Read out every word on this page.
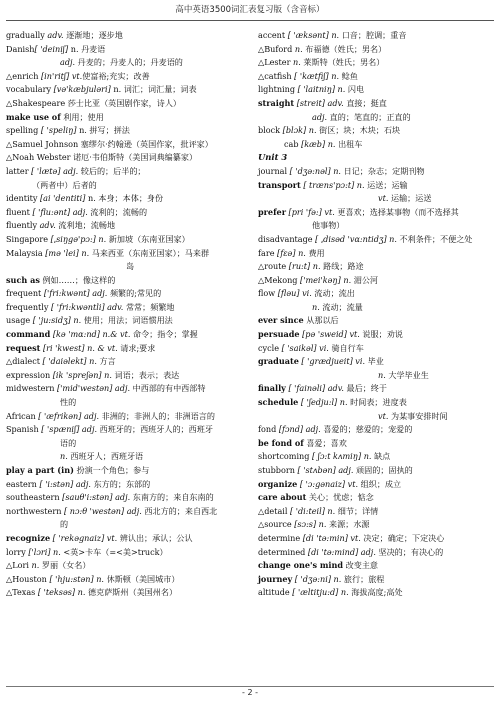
高中英语3500词汇表复习版（含音标）
gradually adv. 逐渐地；逐步地
Danish[ 'deiniʃ] n. 丹麦语
adj. 丹麦的；丹麦人的；丹麦语的
△enrich [in'ritʃ] vt.使富裕;充实；改善
vocabulary [və'kæbjuləri] n. 词汇；词汇量；词表
△Shakespeare 莎士比亚（英国剧作家，诗人）
make use of 利用；使用
spelling [ 'speliŋ] n. 拼写；拼法
△Samuel Johnson 塞缪尔·约翰逊（英国作家，批评家）
△Noah Webster 诺厄·韦伯斯特（美国词典编纂家）
latter [ 'lætə] adj. 较后的；后半的；
（两者中）后者的
identity [ai 'dentiti] n. 本身；本体；身份
fluent [ 'flu:ənt] adj. 流利的；流畅的
fluently adv. 流利地；流畅地
Singapore [ˌsiŋgə'pɔ:] n. 新加坡（东南亚国家）
Malaysia [mə 'lei] n. 马来西亚（东南亚国家）；马来群
岛
such as 例如……；像这样的
frequent ['fri:kwənt] adj. 频繁的;常见的
frequently [ 'fri:kwəntli] adv. 常常；频繁地
usage [ 'ju:sidʒ] n. 使用；用法；词语惯用法
command [kə 'mɑ:nd] n.& vt. 命令；指令；掌握
request [ri 'kwest] n. & vt. 请求;要求
△dialect [ 'daiəlekt] n. 方言
expression [ik 'spreʃən] n. 词语；表示；表达
midwestern ['mid'westən] adj. 中西部的有中西部特
性的
African [ 'æfrikən] adj. 非洲的；非洲人的；非洲语言的
Spanish [ 'spæniʃ] adj. 西班牙的；西班牙人的；西班牙
语的
n. 西班牙人；西班牙语
play a part (in) 扮演一个角色；参与
eastern [ 'i:stən] adj. 东方的；东部的
southeastern [sauθ'i:stən] adj. 东南方的；来自东南的
northwestern [ nɔ:θ 'westən] adj. 西北方的；来自西北
的
recognize [ 'rekəgnaiz] vt. 辨认出；承认；公认
lorry ['lɔri] n. <英>卡车（=<美>truck）
△Lori n. 罗丽（女名）
△Houston [ 'hju:stən] n. 休斯顿（美国城市）
△Texas [ 'teksəs] n. 德克萨斯州（美国州名）
accent [ 'æksənt] n. 口音；腔调；重音
△Buford n. 布福德（姓氏；男名）
△Lester n. 莱斯特（姓氏；男名）
△catfish [ 'kætfiʃ] n. 鲶鱼
lightning [ 'laitniŋ] n. 闪电
straight [streit] adv. 直接；挺直
adj. 直的；笔直的；正直的
block [blɔk] n. 街区；块；木块；石块
cab [kæb] n. 出租车
Unit 3
journal [ 'dʒə:nəl] n. 日记；杂志；定期刊物
transport [ træns'pɔ:t] n. 运送；运输
vt. 运输；运送
prefer [pri 'fə:] vt. 更喜欢；选择某事物（而不选择其
他事物）
disadvantage [ ˌdisəd 'vɑ:ntidʒ] n. 不利条件；不便之处
fare [fɛə] n. 费用
△route [ru:t] n. 路线；路途
△Mekong ['mei'kəŋ] n. 湄公河
flow [fləu] vi. 流动；流出
n. 流动；流量
ever since 从那以后
persuade [pə 'sweid] vt. 说服；劝说
cycle [ 'saikəl] vi. 骑自行车
graduate [ 'grædjueit] vi. 毕业
n. 大学毕业生
finally [ 'fainəli] adv. 最后；终于
schedule [ 'ʃedju:l] n. 时间表；进度表
vt. 为某事安排时间
fond [fɔnd] adj. 喜爱的；慈爱的；宠爱的
be fond of 喜爱；喜欢
shortcoming [ ʃɔ:t kʌmiŋ] n. 缺点
stubborn [ 'stʌbən] adj. 顽固的；固执的
organize [ 'ɔ:gənaiz] vt. 组织；成立
care about 关心；忧虑；惦念
△detail [ 'di:teil] n. 细节；详情
△source [sɔ:s] n. 来源；水源
determine [di 'tə:min] vt. 决定；确定；下定决心
determined [di 'tə:mind] adj. 坚决的；有决心的
change one's mind 改变主意
journey [ 'dʒə:ni] n. 旅行；旅程
altitude [ 'æltitju:d] n. 海拔高度;高处
- 2 -
